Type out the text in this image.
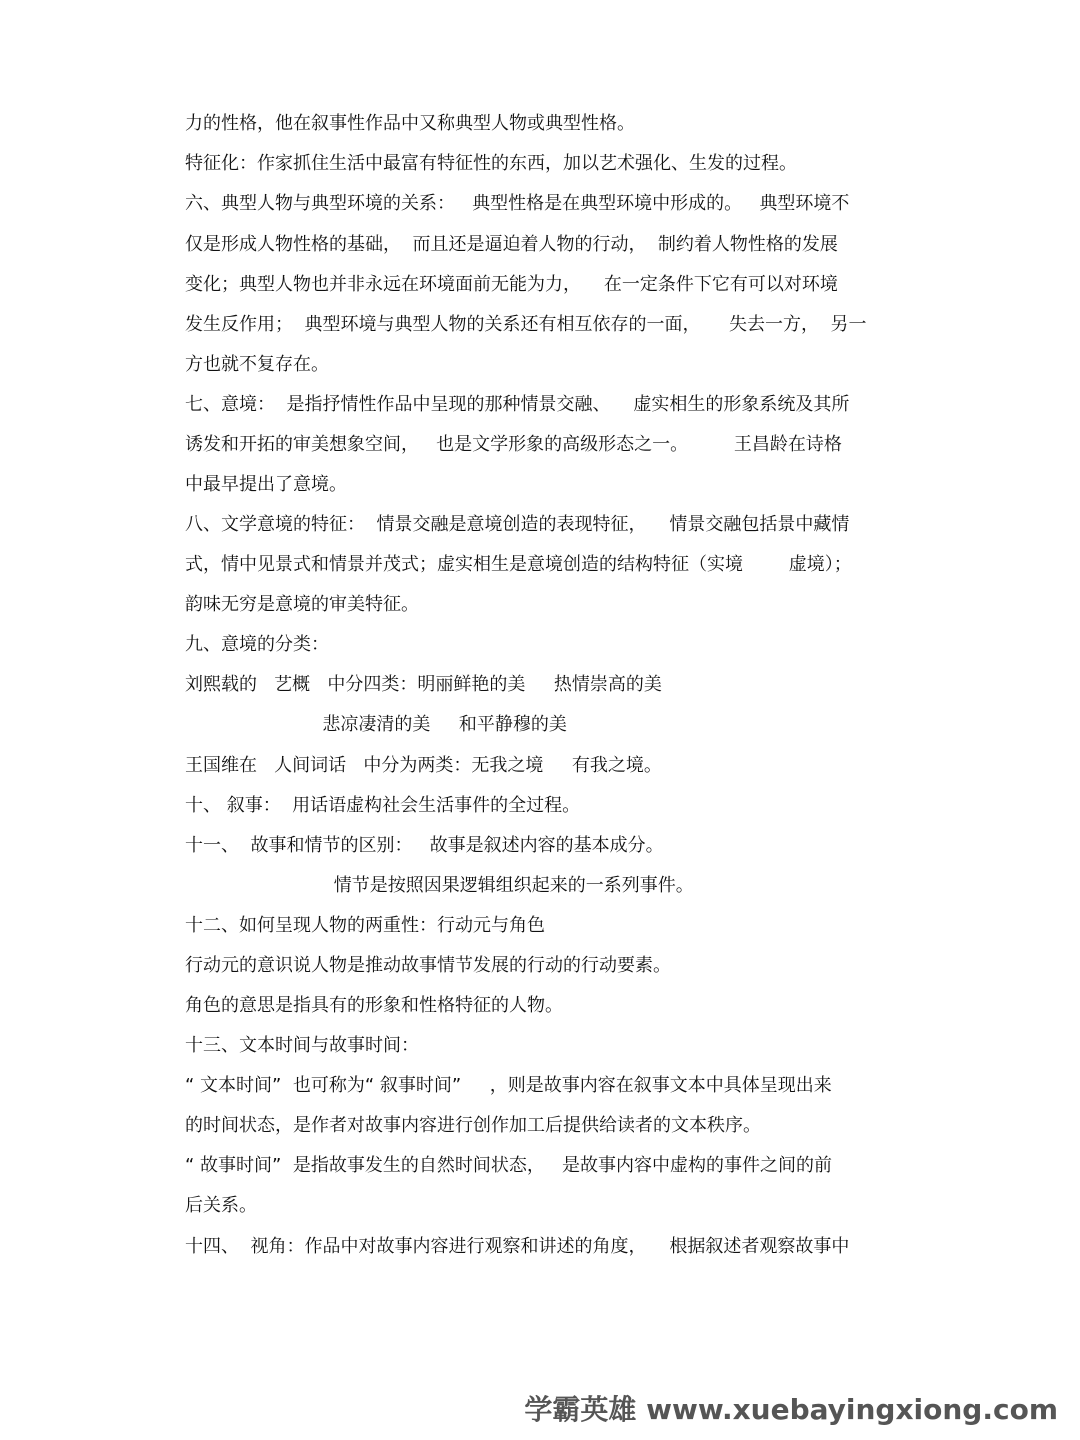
力的性格，他在叙事性作品中又称典型人物或典型性格。
特征化：作家抓住生活中最富有特征性的东西，加以艺术强化、生发的过程。
六、典型人物与典型环境的关系：   典型性格是在典型环境中形成的。   典型环境不
仅是形成人物性格的基础，  而且还是逼迫着人物的行动，  制约着人物性格的发展
变化；典型人物也并非永远在环境面前无能为力，    在一定条件下它有可以对环境
发生反作用；  典型环境与典型人物的关系还有相互依存的一面，     失去一方，  另一
方也就不复存在。
七、意境：  是指抒情性作品中呈现的那种情景交融、    虚实相生的形象系统及其所
诱发和开拓的审美想象空间，   也是文学形象的高级形态之一。        王昌龄在诗格
中最早提出了意境。
八、文学意境的特征：  情景交融是意境创造的表现特征，    情景交融包括景中藏情
式，情中见景式和情景并茂式；虚实相生是意境创造的结构特征（实境        虚境）；
韵味无穷是意境的审美特征。
九、意境的分类：
刘熙载的   艺概   中分四类：明丽鲜艳的美     热情崇高的美
悲凉凄清的美     和平静穆的美
王国维在   人间词话   中分为两类：无我之境     有我之境。
十、 叙事：  用话语虚构社会生活事件的全过程。
十一、  故事和情节的区别：   故事是叙述内容的基本成分。
情节是按照因果逻辑组织起来的一系列事件。
十二、如何呈现人物的两重性：行动元与角色
行动元的意识说人物是推动故事情节发展的行动的行动要素。
角色的意思是指具有的形象和性格特征的人物。
十三、文本时间与故事时间：
“ 文本时间”  也可称为“ 叙事时间”     ，则是故事内容在叙事文本中具体呈现出来
的时间状态，是作者对故事内容进行创作加工后提供给读者的文本秩序。
“ 故事时间”  是指故事发生的自然时间状态，   是故事内容中虚构的事件之间的前
后关系。
十四、  视角：作品中对故事内容进行观察和讲述的角度，    根据叙述者观察故事中
学霸英雄 www.xuebayingxiong.com
